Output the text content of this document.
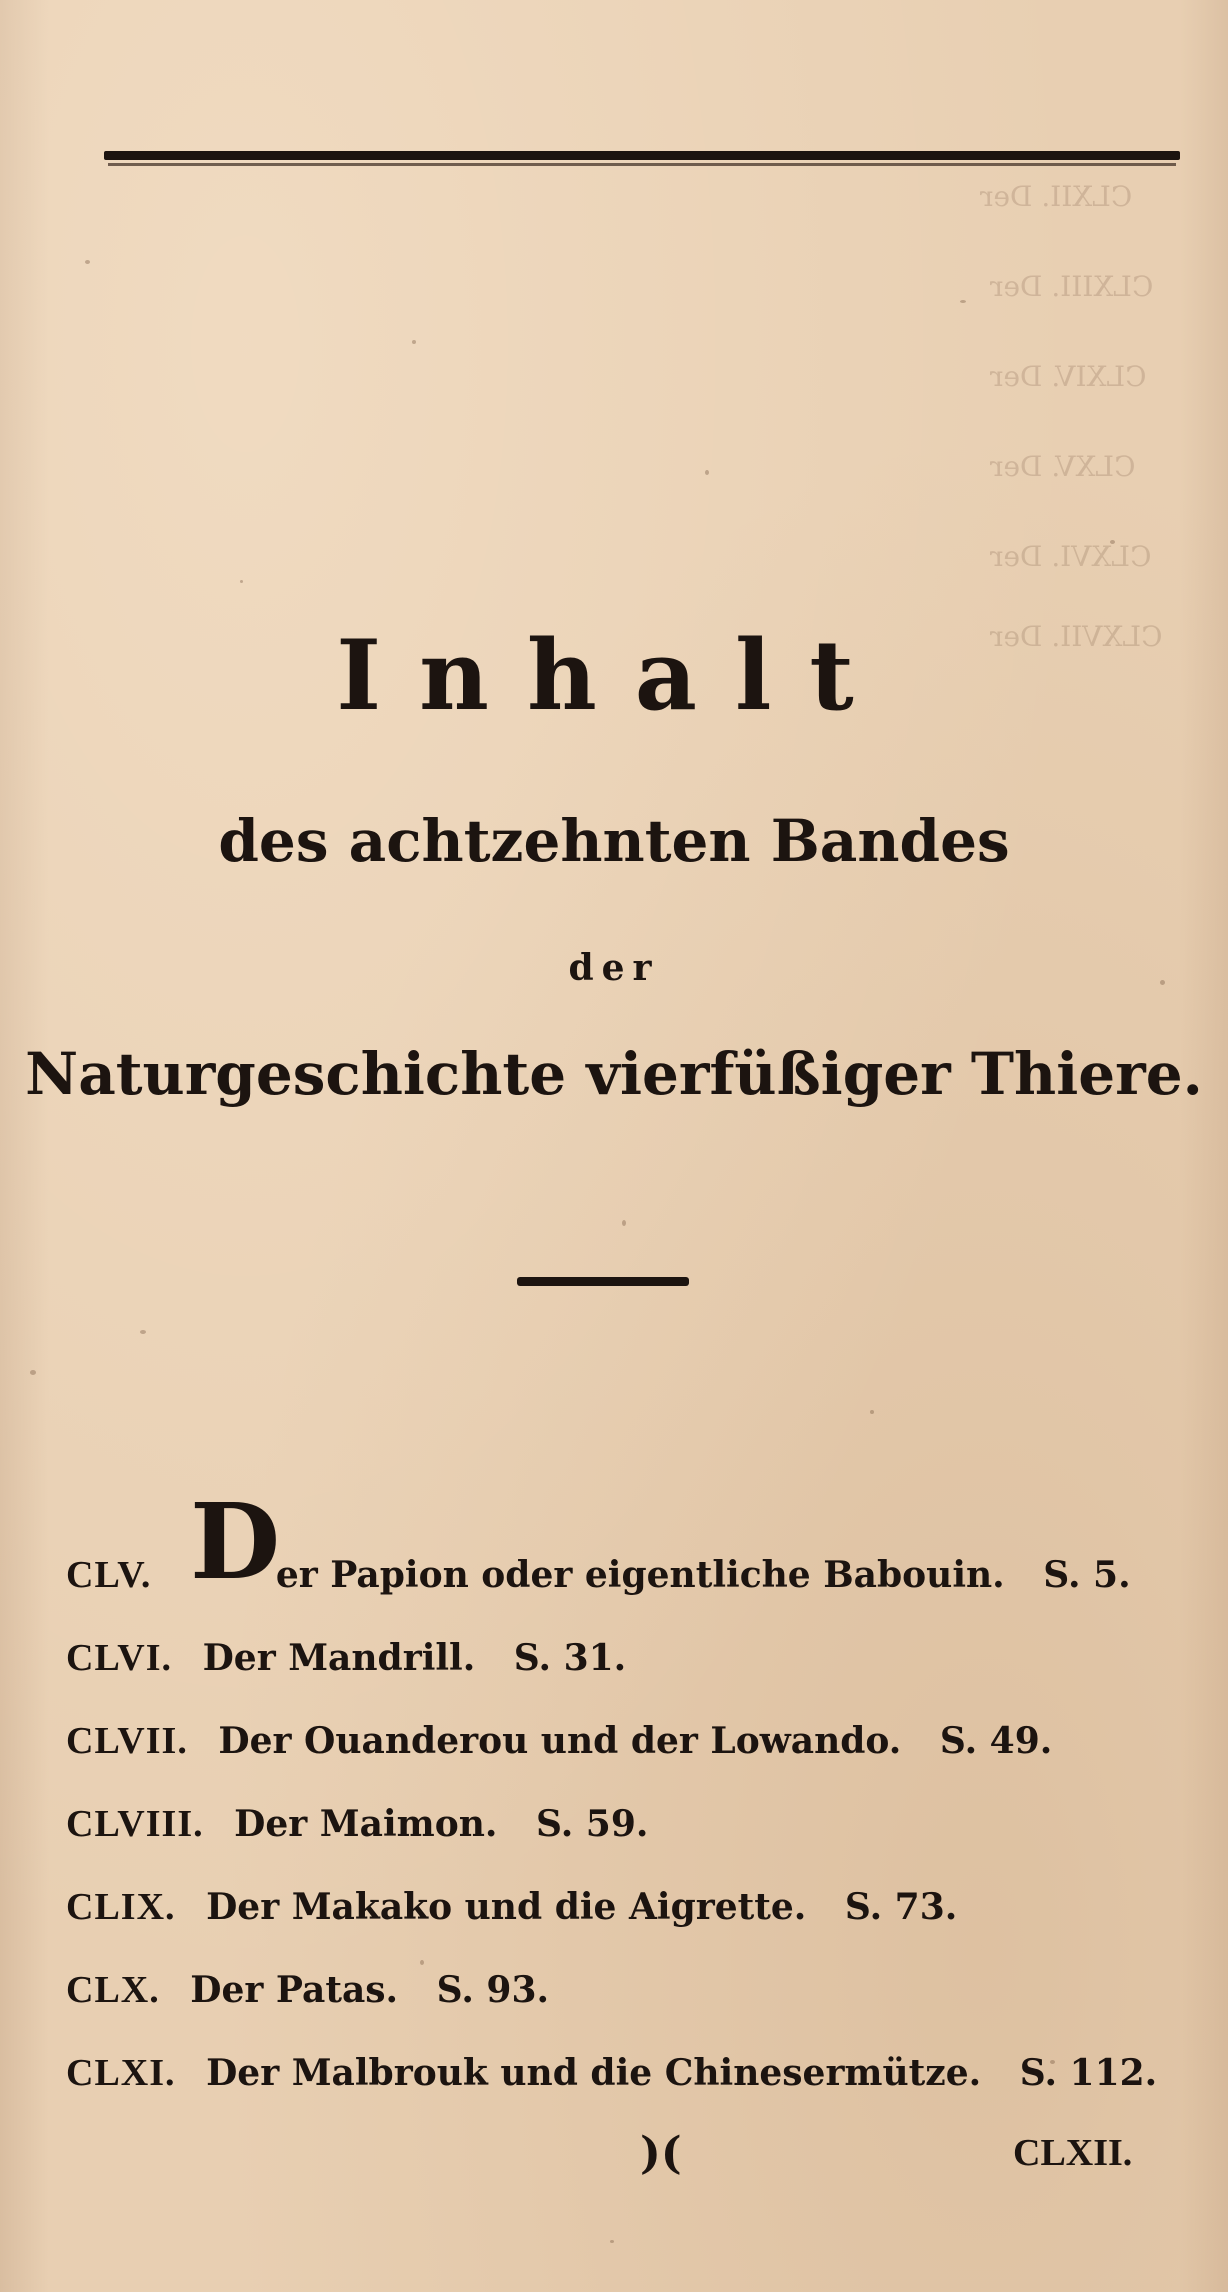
CLXII. Der
CLXIII. Der
CLXIV. Der
CLXV. Der
CLXVI. Der
CLXVII. Der
Inhalt
des achtzehnten Bandes
der
Naturgeschichte vierfüßiger Thiere.
D
CLV.	er Papion oder eigentliche Babouin. S. 5.
CLVI. Der Mandrill. S. 31.
CLVII. Der Ouanderou und der Lowando. S. 49.
CLVIII. Der Maimon. S. 59.
CLIX. Der Makako und die Aigrette. S. 73.
CLX. Der Patas. S. 93.
CLXI. Der Malbrouk und die Chinesermütze. S. 112.
)(	CLXII.
